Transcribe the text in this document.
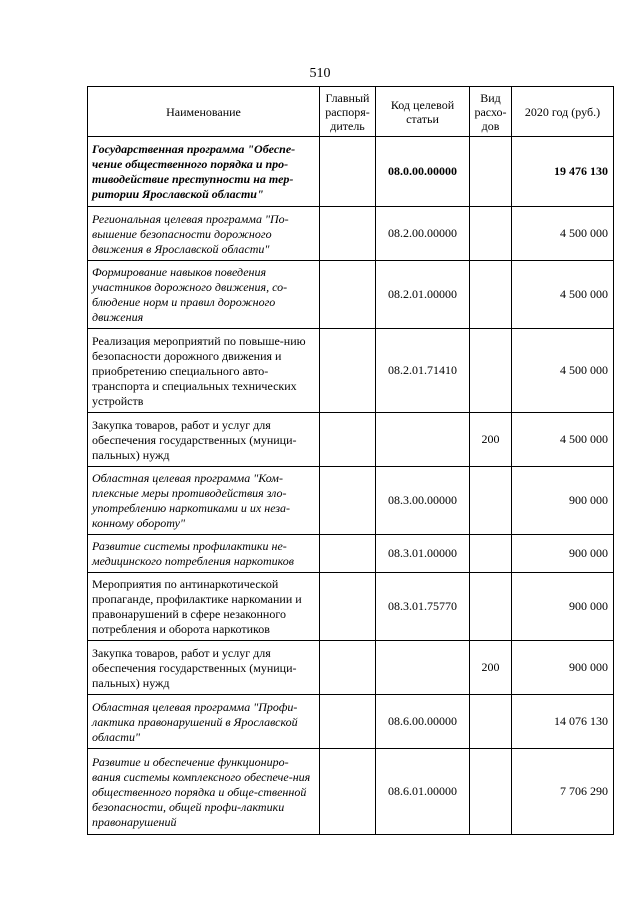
510
Наименование	Главный распоря-дитель	Код целевой статьи	Вид расхо-дов	2020 год (руб.)
Государственная программа "Обеспе-чение общественного порядка и про-тиводействие преступности на тер-ритории Ярославской области"		08.0.00.00000		19 476 130
Региональная целевая программа "По-вышение безопасности дорожного движения в Ярославской области"		08.2.00.00000		4 500 000
Формирование навыков поведения участников дорожного движения, со-блюдение норм и правил дорожного движения		08.2.01.00000		4 500 000
Реализация мероприятий по повыше-нию безопасности дорожного движения и приобретению специального авто-транспорта и специальных технических устройств		08.2.01.71410		4 500 000
Закупка товаров, работ и услуг для обеспечения государственных (муници-пальных) нужд			200	4 500 000
Областная целевая программа "Ком-плексные меры противодействия зло-употреблению наркотиками и их неза-конному обороту"		08.3.00.00000		900 000
Развитие системы профилактики не-медицинского потребления наркотиков		08.3.01.00000		900 000
Мероприятия по антинаркотической пропаганде, профилактике наркомании и правонарушений в сфере незаконного потребления и оборота наркотиков		08.3.01.75770		900 000
Закупка товаров, работ и услуг для обеспечения государственных (муници-пальных) нужд			200	900 000
Областная целевая программа "Профи-лактика правонарушений в Ярославской области"		08.6.00.00000		14 076 130
Развитие и обеспечение функциониро-вания системы комплексного обеспече-ния общественного порядка и обще-ственной безопасности, общей профи-лактики правонарушений		08.6.01.00000		7 706 290
